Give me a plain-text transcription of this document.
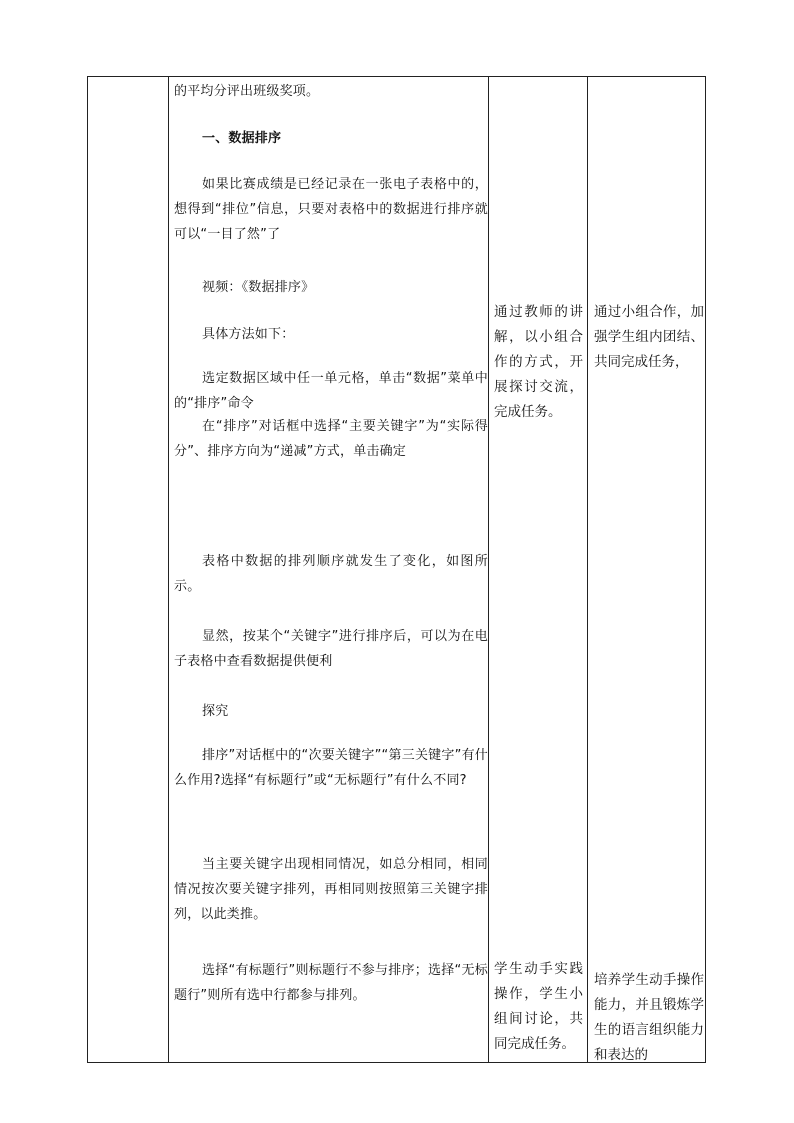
的平均分评出班级奖项。

一、数据排序

如果比赛成绩是已经记录在一张电子表格中的，想得到“排位”信息，只要对表格中的数据进行排序就可以“一目了然”了

视频：《数据排序》

具体方法如下：

选定数据区域中任一单元格，单击“数据”菜单中的“排序”命令

在“排序”对话框中选择“主要关键字”为“实际得分”、排序方向为“递减”方式，单击确定

表格中数据的排列顺序就发生了变化，如图所示。

显然，按某个“关键字”进行排序后，可以为在电子表格中查看数据提供便利

探究

排序”对话框中的“次要关键字”“第三关键字”有什么作用?选择“有标题行”或“无标题行”有什么不同?

当主要关键字出现相同情况，如总分相同，相同情况按次要关键字排列，再相同则按照第三关键字排列，以此类推。

选择“有标题行”则标题行不参与排序；选择“无标题行”则所有选中行都参与排列。

通过教师的讲解，以小组合作的方式，开展探讨交流，完成任务。

学生动手实践操作，学生小组间讨论，共同完成任务。

通过小组合作，加强学生组内团结、共同完成任务，

培养学生动手操作能力，并且锻炼学生的语言组织能力和表达的
